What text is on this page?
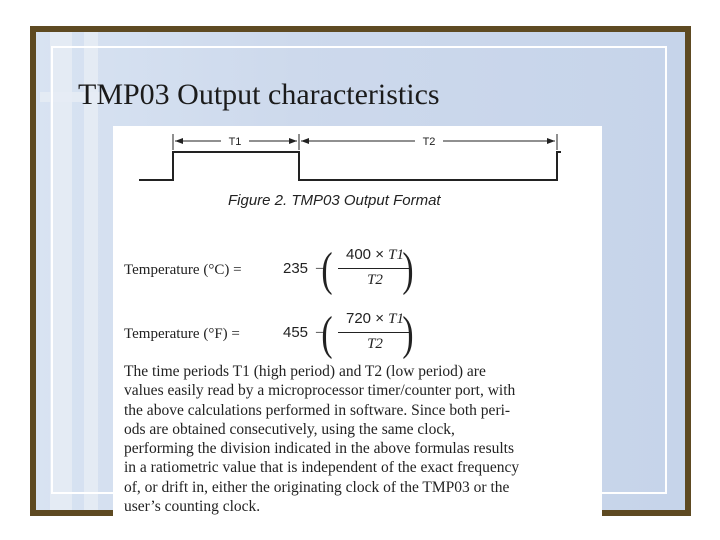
TMP03 Output characteristics
T1	T2
Figure 2. TMP03 Output Format
Temperature (°C) =	235 –
( 400 × T1
T2 )
Temperature (°F) =	455 –
( 720 × T1
T2 )
The time periods T1 (high period) and T2 (low period) are
values easily read by a microprocessor timer/counter port, with
the above calculations performed in software. Since both peri-
ods are obtained consecutively, using the same clock,
performing the division indicated in the above formulas results
in a ratiometric value that is independent of the exact frequency
of, or drift in, either the originating clock of the TMP03 or the
user’s counting clock.
